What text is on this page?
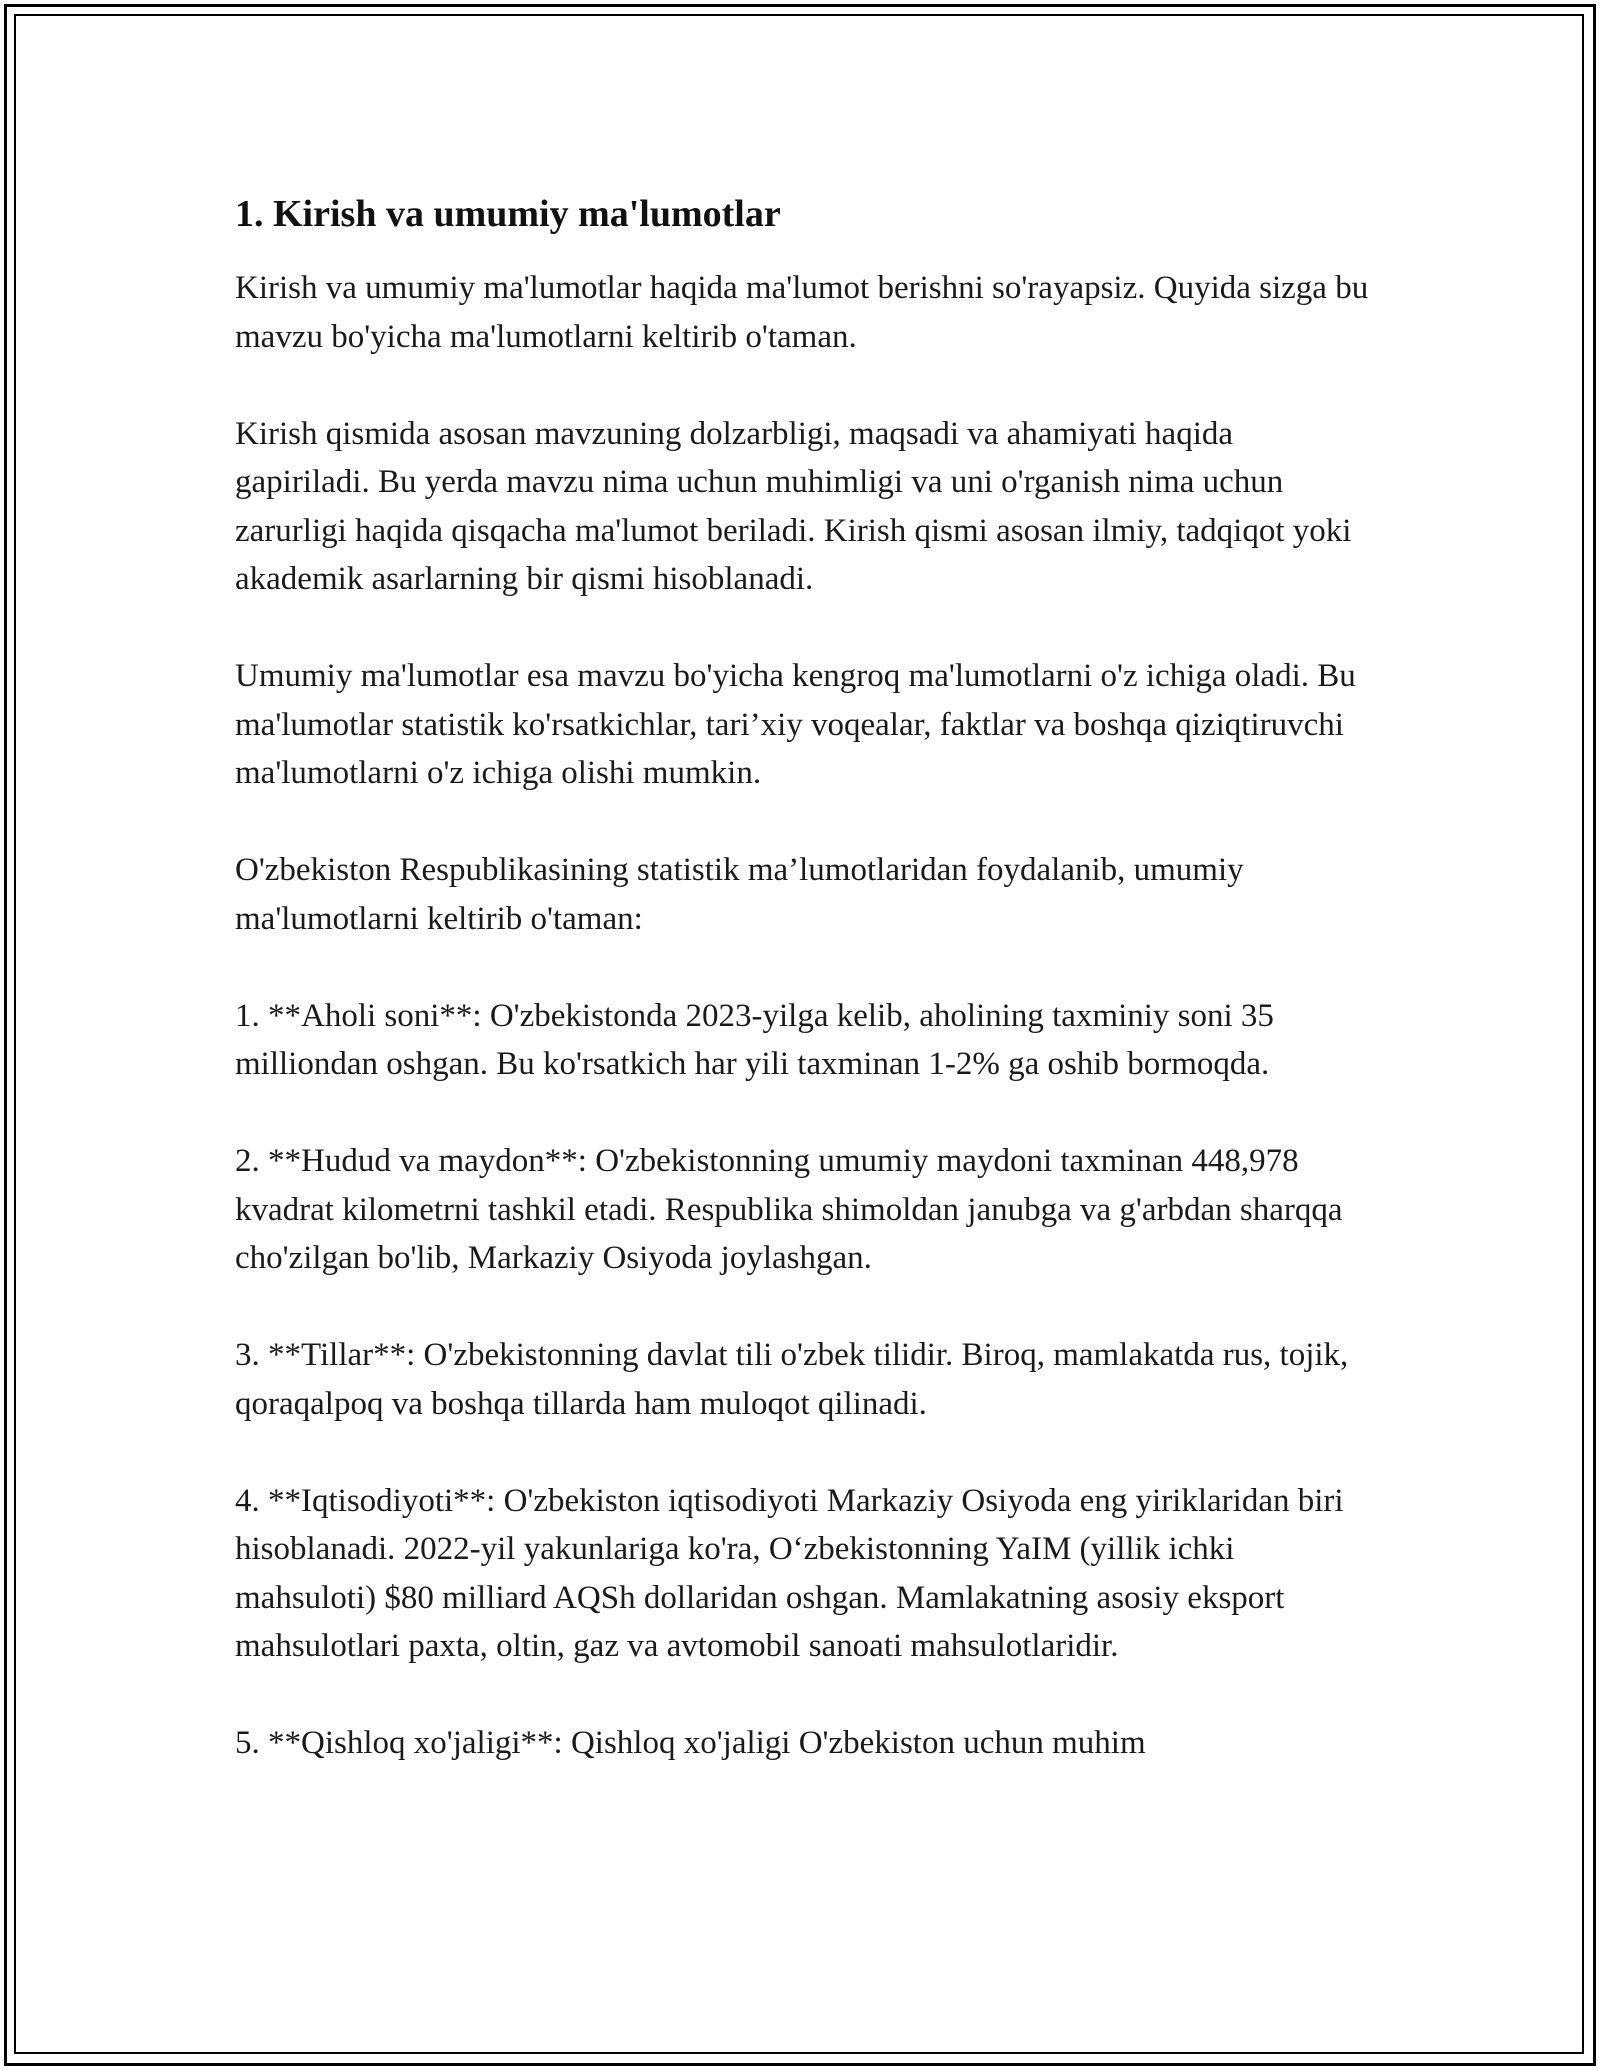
1. Kirish va umumiy ma'lumotlar

Kirish va umumiy ma'lumotlar haqida ma'lumot berishni so'rayapsiz. Quyida sizga bu mavzu bo'yicha ma'lumotlarni keltirib o'taman.

Kirish qismida asosan mavzuning dolzarbligi, maqsadi va ahamiyati haqida gapiriladi. Bu yerda mavzu nima uchun muhimligi va uni o'rganish nima uchun zarurligi haqida qisqacha ma'lumot beriladi. Kirish qismi asosan ilmiy, tadqiqot yoki akademik asarlarning bir qismi hisoblanadi.

Umumiy ma'lumotlar esa mavzu bo'yicha kengroq ma'lumotlarni o'z ichiga oladi. Bu ma'lumotlar statistik ko'rsatkichlar, tari’xiy voqealar, faktlar va boshqa qiziqtiruvchi ma'lumotlarni o'z ichiga olishi mumkin.

O'zbekiston Respublikasining statistik ma’lumotlaridan foydalanib, umumiy ma'lumotlarni keltirib o'taman:

1. **Aholi soni**: O'zbekistonda 2023-yilga kelib, aholining taxminiy soni 35 milliondan oshgan. Bu ko'rsatkich har yili taxminan 1-2% ga oshib bormoqda.

2. **Hudud va maydon**: O'zbekistonning umumiy maydoni taxminan 448,978 kvadrat kilometrni tashkil etadi. Respublika shimoldan janubga va g'arbdan sharqqa cho'zilgan bo'lib, Markaziy Osiyoda joylashgan.

3. **Tillar**: O'zbekistonning davlat tili o'zbek tilidir. Biroq, mamlakatda rus, tojik, qoraqalpoq va boshqa tillarda ham muloqot qilinadi.

4. **Iqtisodiyoti**: O'zbekiston iqtisodiyoti Markaziy Osiyoda eng yiriklaridan biri hisoblanadi. 2022-yil yakunlariga ko'ra, O‘zbekistonning YaIM (yillik ichki mahsuloti) $80 milliard AQSh dollaridan oshgan. Mamlakatning asosiy eksport mahsulotlari paxta, oltin, gaz va avtomobil sanoati mahsulotlaridir.

5. **Qishloq xo'jaligi**: Qishloq xo'jaligi O'zbekiston uchun muhim
